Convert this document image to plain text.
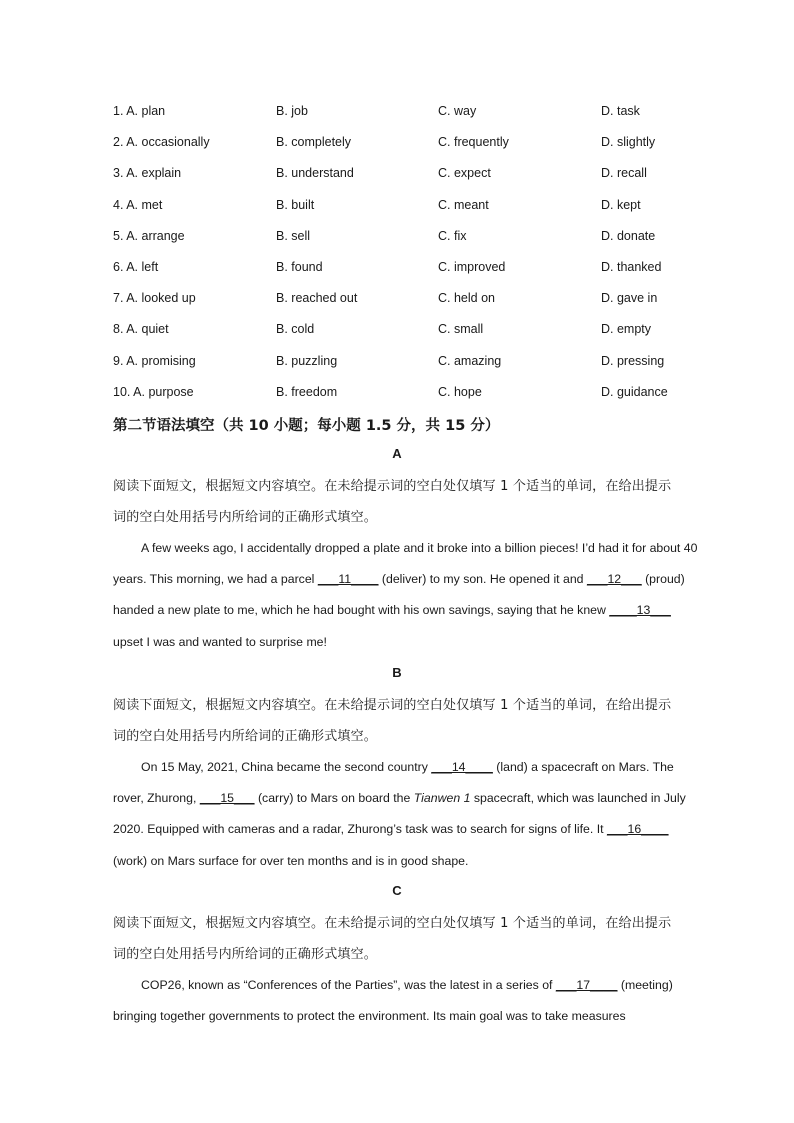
1. A. plan	B. job	C. way	D. task
2. A. occasionally	B. completely	C. frequently	D. slightly
3. A. explain	B. understand	C. expect	D. recall
4. A. met	B. built	C. meant	D. kept
5. A. arrange	B. sell	C. fix	D. donate
6. A. left	B. found	C. improved	D. thanked
7. A. looked up	B. reached out	C. held on	D. gave in
8. A. quiet	B. cold	C. small	D. empty
9. A. promising	B. puzzling	C. amazing	D. pressing
10. A. purpose	B. freedom	C. hope	D. guidance
第二节语法填空（共 10 小题；每小题 1.5 分，共 15 分）
A
阅读下面短文，根据短文内容填空。在未给提示词的空白处仅填写 1 个适当的单词，在给出提示
词的空白处用括号内所给词的正确形式填空。

A few weeks ago, I accidentally dropped a plate and it broke into a billion pieces! I’d had it for about 40 years. This morning, we had a parcel ___11____ (deliver) to my son. He opened it and ___12___ (proud) handed a new plate to me, which he had bought with his own savings, saying that he knew ____13___ upset I was and wanted to surprise me!

B
阅读下面短文，根据短文内容填空。在未给提示词的空白处仅填写 1 个适当的单词，在给出提示
词的空白处用括号内所给词的正确形式填空。

On 15 May, 2021, China became the second country ___14____ (land) a spacecraft on Mars. The rover, Zhurong, ___15___ (carry) to Mars on board the Tianwen 1 spacecraft, which was launched in July 2020. Equipped with cameras and a radar, Zhurong’s task was to search for signs of life. It ___16____ (work) on Mars surface for over ten months and is in good shape.

C
阅读下面短文，根据短文内容填空。在未给提示词的空白处仅填写 1 个适当的单词，在给出提示
词的空白处用括号内所给词的正确形式填空。

COP26, known as “Conferences of the Parties”, was the latest in a series of ___17____ (meeting) bringing together governments to protect the environment. Its main goal was to take measures
